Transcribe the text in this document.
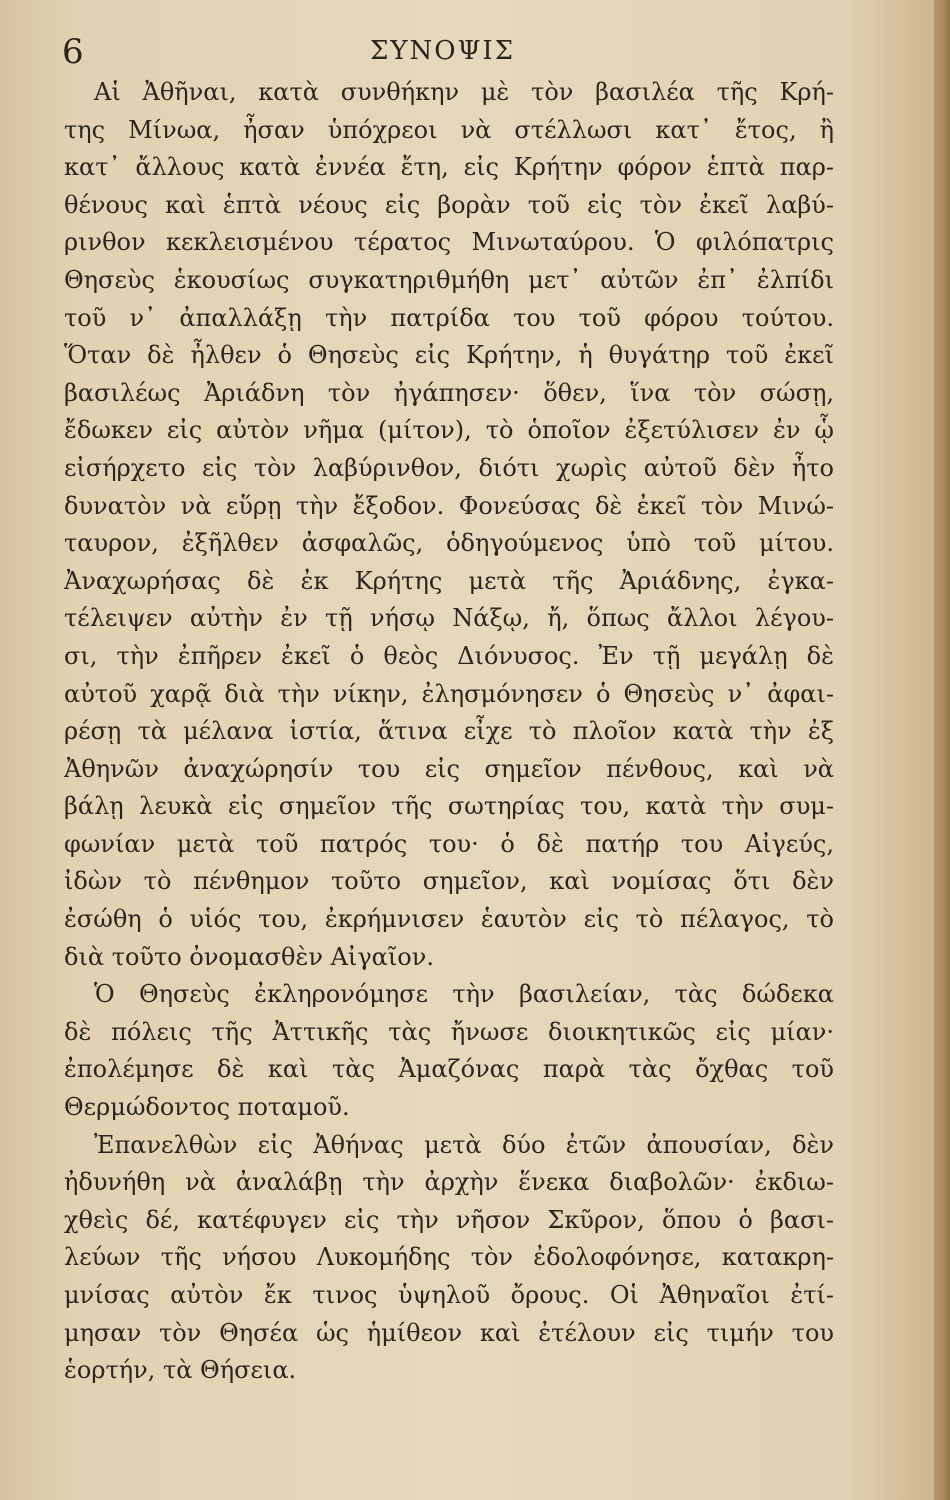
6	ΣΥΝΟΨΙΣ
Αἱ Ἀθῆναι, κατὰ συνθήκην μὲ τὸν βασιλέα τῆς Κρή-
της Μίνωα, ἦσαν ὑπόχρεοι νὰ στέλλωσι κατ᾽ ἔτος, ἢ
κατ᾽ ἄλλους κατὰ ἐννέα ἔτη, εἰς Κρήτην φόρον ἑπτὰ παρ-
θένους καὶ ἑπτὰ νέους εἰς βορὰν τοῦ εἰς τὸν ἐκεῖ λαβύ-
ρινθον κεκλεισμένου τέρατος Μινωταύρου. Ὁ φιλόπατρις
Θησεὺς ἑκουσίως συγκατηριθμήθη μετ᾽ αὐτῶν ἐπ᾽ ἐλπίδι
τοῦ ν᾽ ἀπαλλάξῃ τὴν πατρίδα του τοῦ φόρου τούτου.
Ὅταν δὲ ἦλθεν ὁ Θησεὺς εἰς Κρήτην, ἡ θυγάτηρ τοῦ ἐκεῖ
βασιλέως Ἀριάδνη τὸν ἠγάπησεν· ὅθεν, ἵνα τὸν σώσῃ,
ἔδωκεν εἰς αὐτὸν νῆμα (μίτον), τὸ ὁποῖον ἐξετύλισεν ἐν ᾧ
εἰσήρχετο εἰς τὸν λαβύρινθον, διότι χωρὶς αὐτοῦ δὲν ἦτο
δυνατὸν νὰ εὕρῃ τὴν ἔξοδον. Φονεύσας δὲ ἐκεῖ τὸν Μινώ-
ταυρον, ἐξῆλθεν ἀσφαλῶς, ὁδηγούμενος ὑπὸ τοῦ μίτου.
Ἀναχωρήσας δὲ ἐκ Κρήτης μετὰ τῆς Ἀριάδνης, ἐγκα-
τέλειψεν αὐτὴν ἐν τῇ νήσῳ Νάξῳ, ἤ, ὅπως ἄλλοι λέγου-
σι, τὴν ἐπῆρεν ἐκεῖ ὁ θεὸς Διόνυσος. Ἐν τῇ μεγάλῃ δὲ
αὐτοῦ χαρᾷ διὰ τὴν νίκην, ἐλησμόνησεν ὁ Θησεὺς ν᾽ ἀφαι-
ρέσῃ τὰ μέλανα ἱστία, ἅτινα εἶχε τὸ πλοῖον κατὰ τὴν ἐξ
Ἀθηνῶν ἀναχώρησίν του εἰς σημεῖον πένθους, καὶ νὰ
βάλῃ λευκὰ εἰς σημεῖον τῆς σωτηρίας του, κατὰ τὴν συμ-
φωνίαν μετὰ τοῦ πατρός του· ὁ δὲ πατήρ του Αἰγεύς,
ἰδὼν τὸ πένθημον τοῦτο σημεῖον, καὶ νομίσας ὅτι δὲν
ἐσώθη ὁ υἱός του, ἐκρήμνισεν ἑαυτὸν εἰς τὸ πέλαγος, τὸ
διὰ τοῦτο ὀνομασθὲν Αἰγαῖον.
Ὁ Θησεὺς ἐκληρονόμησε τὴν βασιλείαν, τὰς δώδεκα
δὲ πόλεις τῆς Ἀττικῆς τὰς ἤνωσε διοικητικῶς εἰς μίαν·
ἐπολέμησε δὲ καὶ τὰς Ἀμαζόνας παρὰ τὰς ὄχθας τοῦ
Θερμώδοντος ποταμοῦ.
Ἐπανελθὼν εἰς Ἀθήνας μετὰ δύο ἐτῶν ἀπουσίαν, δὲν
ἠδυνήθη νὰ ἀναλάβῃ τὴν ἀρχὴν ἕνεκα διαβολῶν· ἐκδιω-
χθεὶς δέ, κατέφυγεν εἰς τὴν νῆσον Σκῦρον, ὅπου ὁ βασι-
λεύων τῆς νήσου Λυκομήδης τὸν ἐδολοφόνησε, κατακρη-
μνίσας αὐτὸν ἔκ τινος ὑψηλοῦ ὄρους. Οἱ Ἀθηναῖοι ἐτί-
μησαν τὸν Θησέα ὡς ἡμίθεον καὶ ἐτέλουν εἰς τιμήν του
ἑορτήν, τὰ Θήσεια.
